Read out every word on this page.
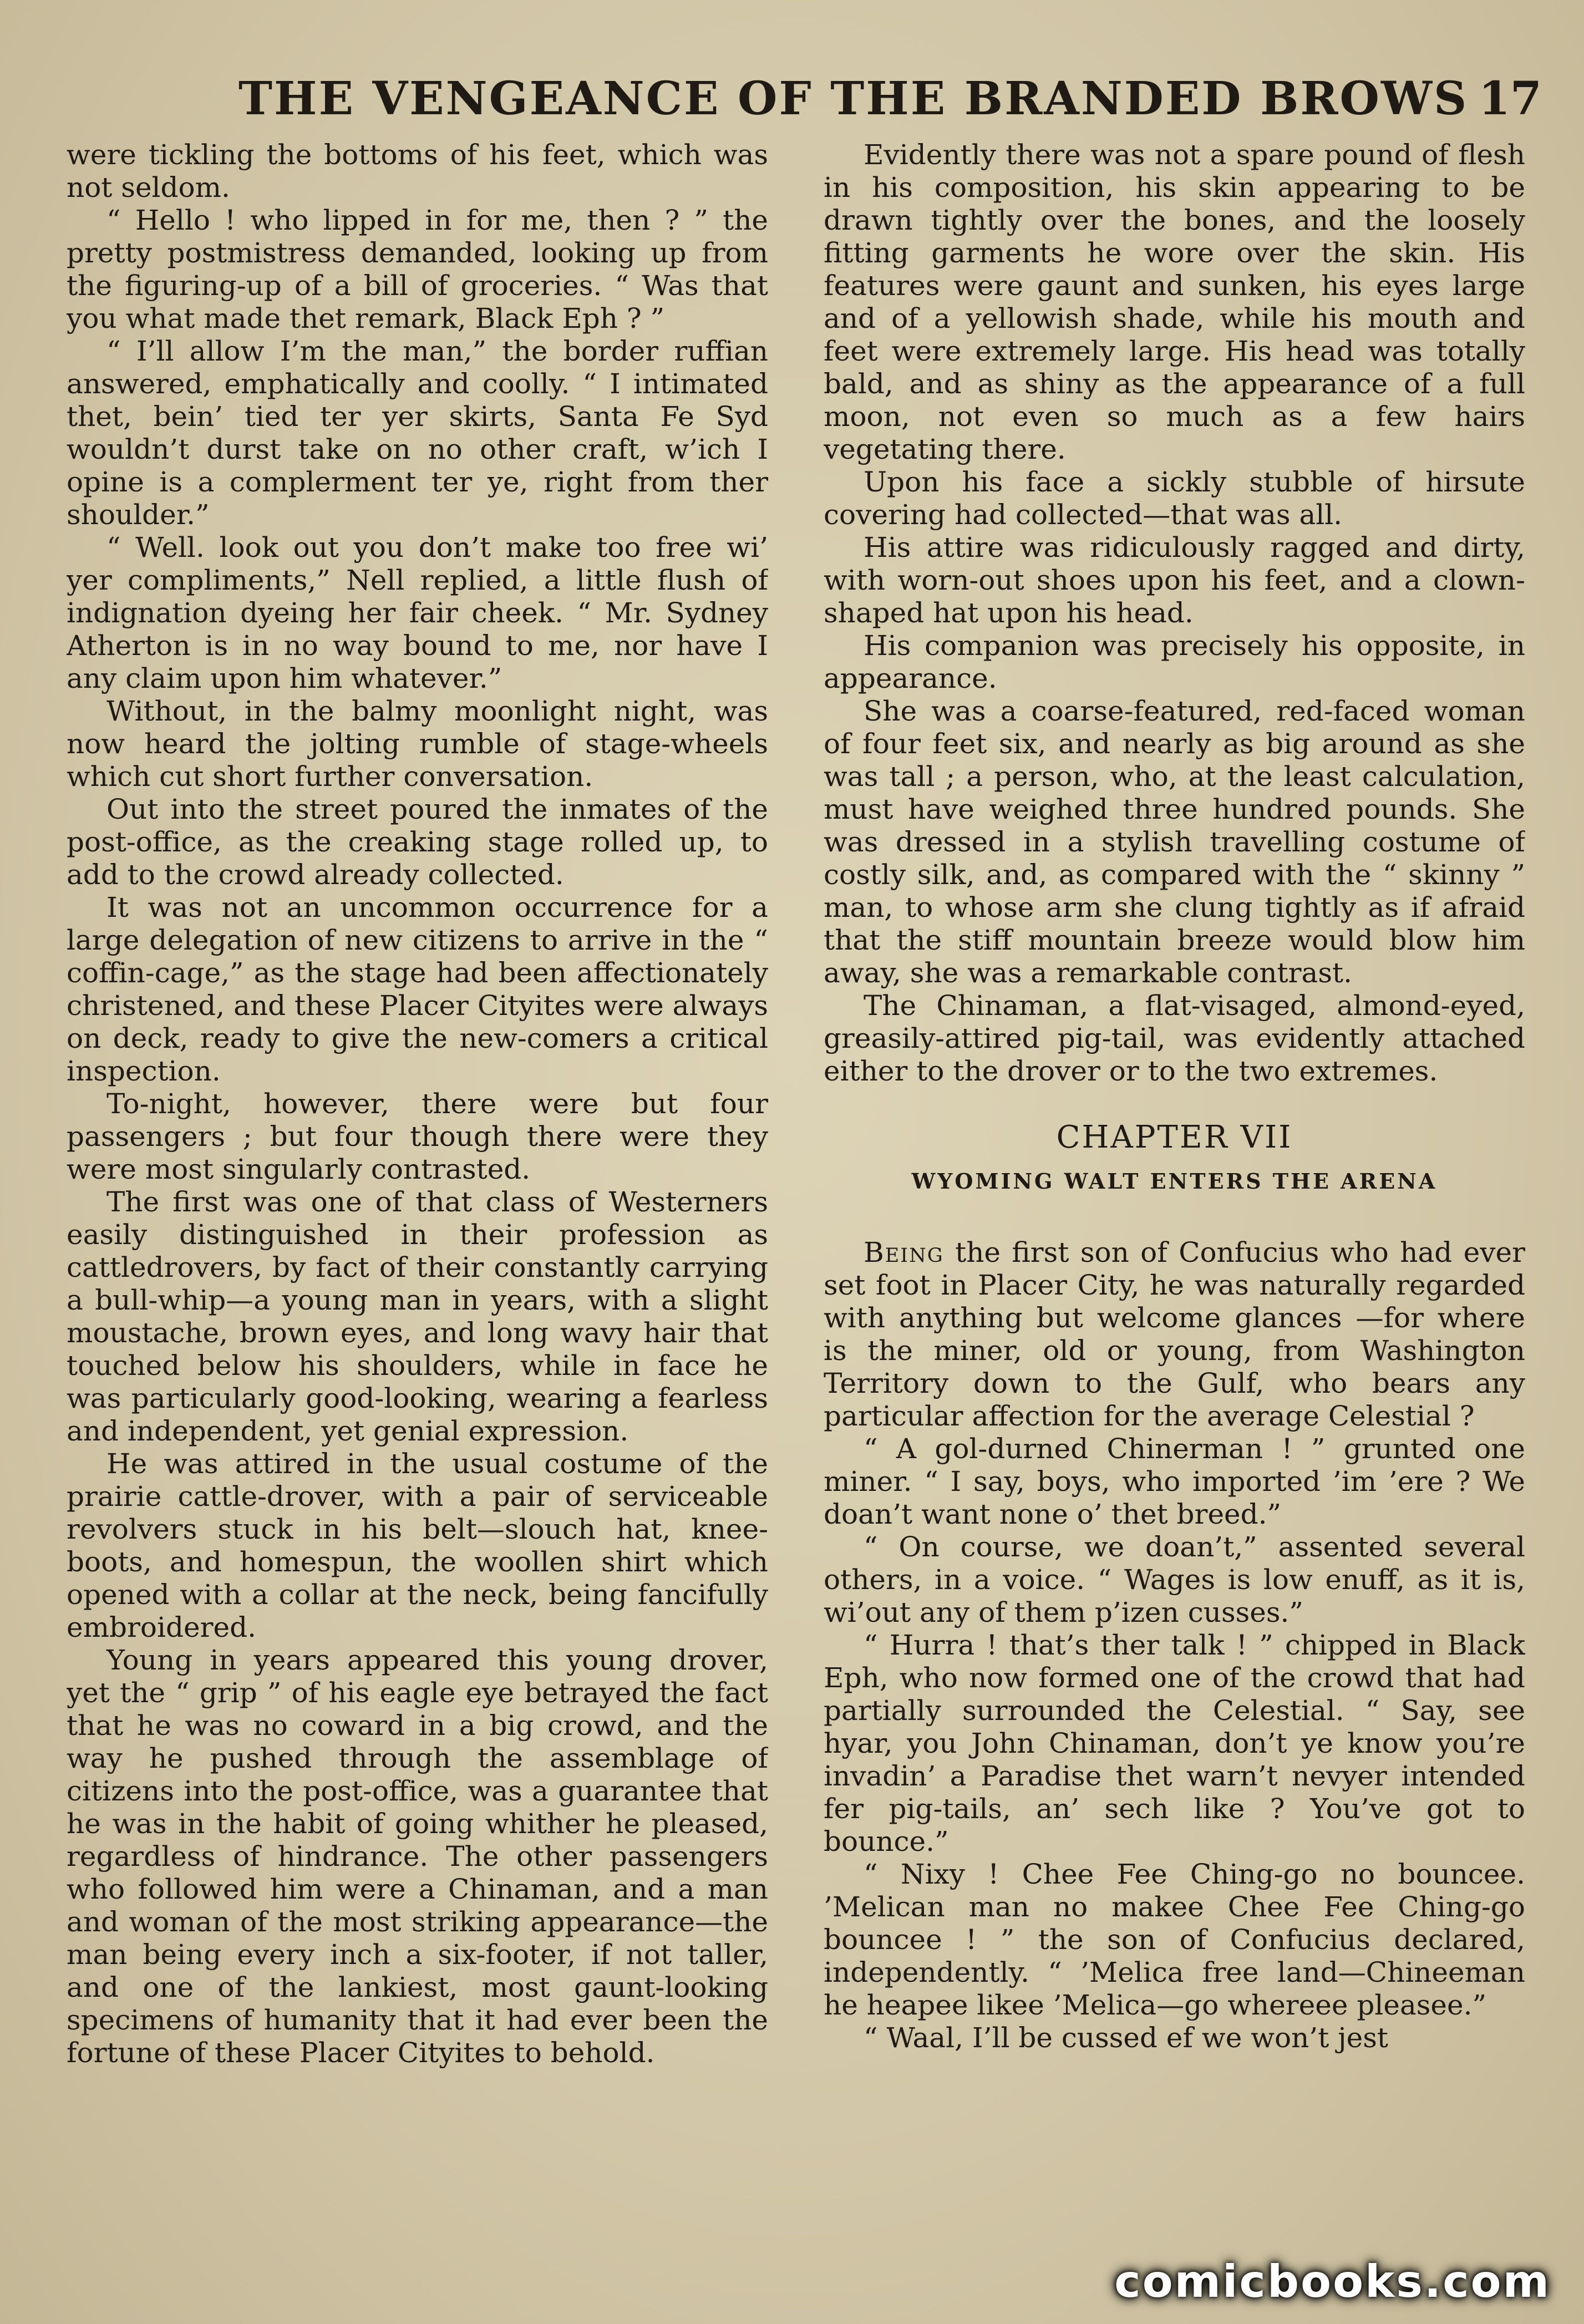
THE VENGEANCE OF THE BRANDED BROWS 17

were tickling the bottoms of his feet, which was not seldom.

“ Hello ! who lipped in for me, then ? ” the pretty postmistress demanded, looking up from the figuring-up of a bill of groceries. “ Was that you what made thet remark, Black Eph ? ”

“ I’ll allow I’m the man,” the border ruffian answered, emphatically and coolly. “ I intimated thet, bein’ tied ter yer skirts, Santa Fe Syd wouldn’t durst take on no other craft, w’ich I opine is a complerment ter ye, right from ther shoulder.”

“ Well. look out you don’t make too free wi’ yer compliments,” Nell replied, a little flush of indignation dyeing her fair cheek. “ Mr. Sydney Atherton is in no way bound to me, nor have I any claim upon him whatever.”

Without, in the balmy moonlight night, was now heard the jolting rumble of stage-wheels which cut short further conversation.

Out into the street poured the inmates of the post-office, as the creaking stage rolled up, to add to the crowd already collected.

It was not an uncommon occurrence for a large delegation of new citizens to arrive in the “ coffin-cage,” as the stage had been affectionately christened, and these Placer Cityites were always on deck, ready to give the new-comers a critical inspection.

To-night, however, there were but four passengers ; but four though there were they were most singularly contrasted.

The first was one of that class of Westerners easily distinguished in their profession as cattledrovers, by fact of their constantly carrying a bull-whip—a young man in years, with a slight moustache, brown eyes, and long wavy hair that touched below his shoulders, while in face he was particularly good-looking, wearing a fearless and independent, yet genial expression.

He was attired in the usual costume of the prairie cattle-drover, with a pair of serviceable revolvers stuck in his belt—slouch hat, knee-boots, and homespun, the woollen shirt which opened with a collar at the neck, being fancifully embroidered.

Young in years appeared this young drover, yet the “ grip ” of his eagle eye betrayed the fact that he was no coward in a big crowd, and the way he pushed through the assemblage of citizens into the post-office, was a guarantee that he was in the habit of going whither he pleased, regardless of hindrance. The other passengers who followed him were a Chinaman, and a man and woman of the most striking appearance—the man being every inch a six-footer, if not taller, and one of the lankiest, most gaunt-looking specimens of humanity that it had ever been the fortune of these Placer Cityites to behold.

Evidently there was not a spare pound of flesh in his composition, his skin appearing to be drawn tightly over the bones, and the loosely fitting garments he wore over the skin. His features were gaunt and sunken, his eyes large and of a yellowish shade, while his mouth and feet were extremely large. His head was totally bald, and as shiny as the appearance of a full moon, not even so much as a few hairs vegetating there.

Upon his face a sickly stubble of hirsute covering had collected—that was all.

His attire was ridiculously ragged and dirty, with worn-out shoes upon his feet, and a clown-shaped hat upon his head.

His companion was precisely his opposite, in appearance.

She was a coarse-featured, red-faced woman of four feet six, and nearly as big around as she was tall ; a person, who, at the least calculation, must have weighed three hundred pounds. She was dressed in a stylish travelling costume of costly silk, and, as compared with the “ skinny ” man, to whose arm she clung tightly as if afraid that the stiff mountain breeze would blow him away, she was a remarkable contrast.

The Chinaman, a flat-visaged, almond-eyed, greasily-attired pig-tail, was evidently attached either to the drover or to the two extremes.

CHAPTER VII
WYOMING WALT ENTERS THE ARENA

Being the first son of Confucius who had ever set foot in Placer City, he was naturally regarded with anything but welcome glances —for where is the miner, old or young, from Washington Territory down to the Gulf, who bears any particular affection for the average Celestial ?

“ A gol-durned Chinerman ! ” grunted one miner. “ I say, boys, who imported ’im ’ere ? We doan’t want none o’ thet breed.”

“ On course, we doan’t,” assented several others, in a voice. “ Wages is low enuff, as it is, wi’out any of them p’izen cusses.”

“ Hurra ! that’s ther talk ! ” chipped in Black Eph, who now formed one of the crowd that had partially surrounded the Celestial. “ Say, see hyar, you John Chinaman, don’t ye know you’re invadin’ a Paradise thet warn’t nevyer intended fer pig-tails, an’ sech like ? You’ve got to bounce.”

“ Nixy ! Chee Fee Ching-go no bouncee. ’Melican man no makee Chee Fee Ching-go bouncee ! ” the son of Confucius declared, independently. “ ’Melica free land—Chineeman he heapee likee ’Melica—go whereee pleasee.”

“ Waal, I’ll be cussed ef we won’t jest

comicbooks.com
